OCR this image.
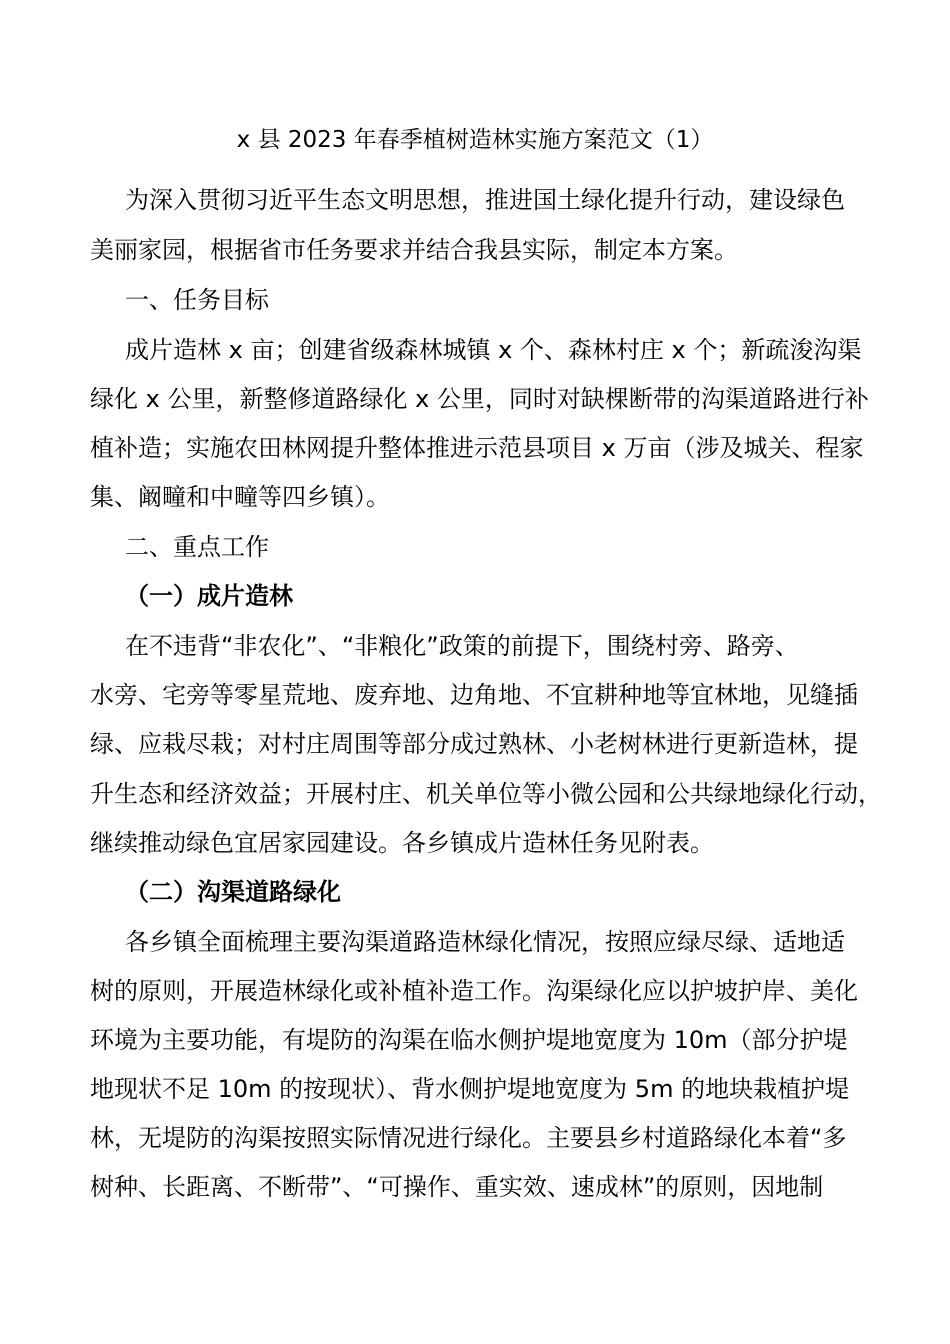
x 县 2023 年春季植树造林实施方案范文（1）
为深入贯彻习近平生态文明思想，推进国土绿化提升行动，建设绿色
美丽家园，根据省市任务要求并结合我县实际，制定本方案。
一、任务目标
成片造林 x 亩；创建省级森林城镇 x 个、森林村庄 x 个；新疏浚沟渠
绿化 x 公里，新整修道路绿化 x 公里，同时对缺棵断带的沟渠道路进行补
植补造；实施农田林网提升整体推进示范县项目 x 万亩（涉及城关、程家
集、阚疃和中疃等四乡镇）。
二、重点工作
（一）成片造林
在不违背“非农化”、“非粮化”政策的前提下，围绕村旁、路旁、
水旁、宅旁等零星荒地、废弃地、边角地、不宜耕种地等宜林地，见缝插
绿、应栽尽栽；对村庄周围等部分成过熟林、小老树林进行更新造林，提
升生态和经济效益；开展村庄、机关单位等小微公园和公共绿地绿化行动，
继续推动绿色宜居家园建设。各乡镇成片造林任务见附表。
（二）沟渠道路绿化
各乡镇全面梳理主要沟渠道路造林绿化情况，按照应绿尽绿、适地适
树的原则，开展造林绿化或补植补造工作。沟渠绿化应以护坡护岸、美化
环境为主要功能，有堤防的沟渠在临水侧护堤地宽度为 10m（部分护堤
地现状不足 10m 的按现状）、背水侧护堤地宽度为 5m 的地块栽植护堤
林，无堤防的沟渠按照实际情况进行绿化。主要县乡村道路绿化本着“多
树种、长距离、不断带”、“可操作、重实效、速成林”的原则，因地制
